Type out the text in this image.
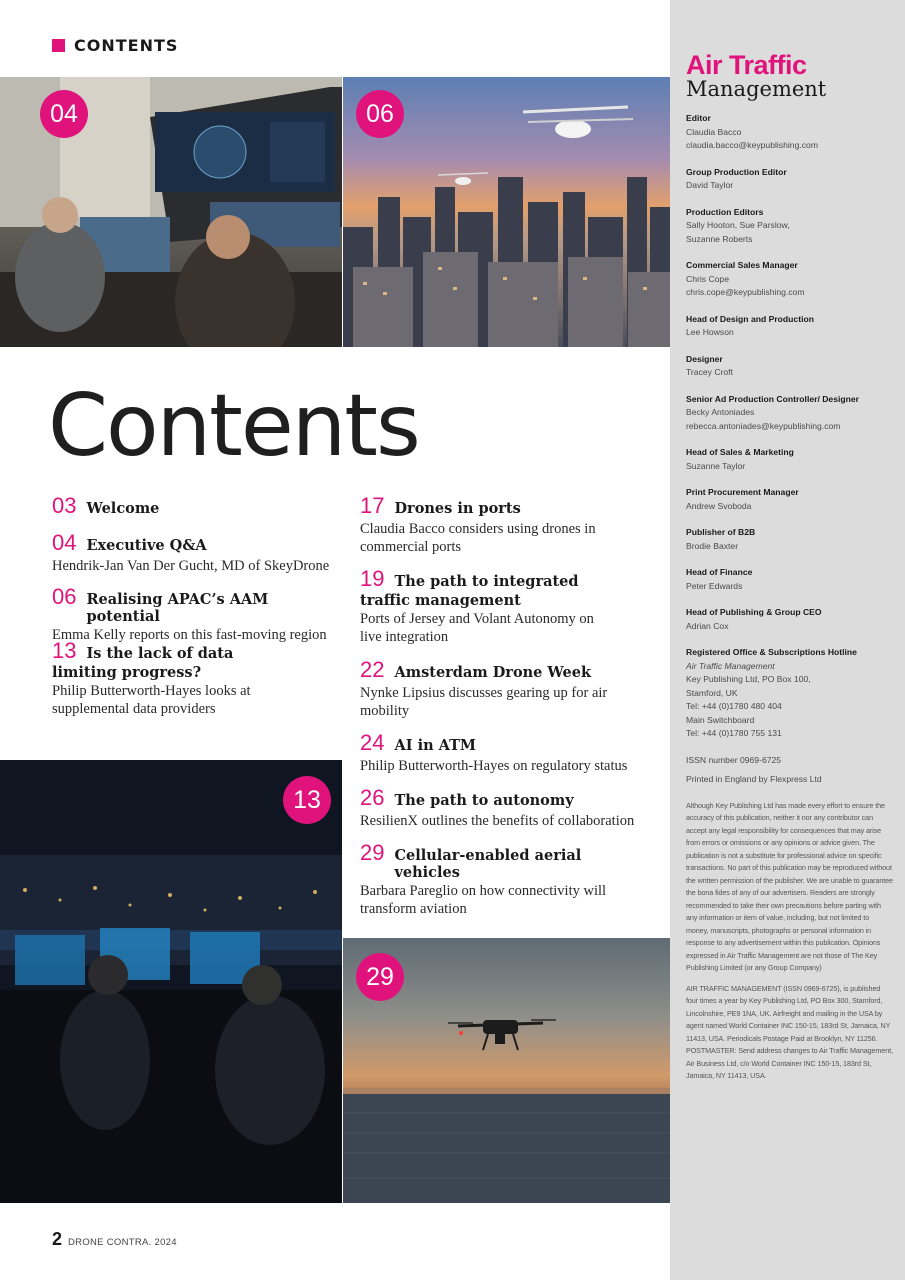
CONTENTS
04	06
Contents
03 Welcome
04 Executive Q&A
Hendrik-Jan Van Der Gucht, MD of SkeyDrone
06 Realising APAC’s AAM potential
Emma Kelly reports on this fast-moving region
13 Is the lack of data
limiting progress?
Philip Butterworth-Hayes looks at supplemental data providers
17 Drones in ports
Claudia Bacco considers using drones in commercial ports
19 The path to integrated
traffic management
Ports of Jersey and Volant Autonomy on live integration
22 Amsterdam Drone Week
Nynke Lipsius discusses gearing up for air mobility
24 AI in ATM
Philip Butterworth-Hayes on regulatory status
26 The path to autonomy
ResilienX outlines the benefits of collaboration
29 Cellular-enabled aerial vehicles
Barbara Pareglio on how connectivity will transform aviation
13
29
2 DRONE CONTRA. 2024
Air Traffic
Management
Editor
Claudia Bacco
claudia.bacco@keypublishing.com
Group Production Editor
David Taylor
Production Editors
Sally Hooton, Sue Parslow,
Suzanne Roberts
Commercial Sales Manager
Chris Cope
chris.cope@keypublishing.com
Head of Design and Production
Lee Howson
Designer
Tracey Croft
Senior Ad Production Controller/ Designer
Becky Antoniades
rebecca.antoniades@keypublishing.com
Head of Sales & Marketing
Suzanne Taylor
Print Procurement Manager
Andrew Svoboda
Publisher of B2B
Brodie Baxter
Head of Finance
Peter Edwards
Head of Publishing & Group CEO
Adrian Cox
Registered Office & Subscriptions Hotline
Air Traffic Management
Key Publishing Ltd, PO Box 100,
Stamford, UK
Tel: +44 (0)1780 480 404
Main Switchboard
Tel: +44 (0)1780 755 131
ISSN number 0969-6725
Printed in England by Flexpress Ltd
Although Key Publishing Ltd has made every effort to ensure the accuracy of this publication, neither it nor any contributor can accept any legal responsibility for consequences that may arise from errors or omissions or any opinions or advice given. The publication is not a substitute for professional advice on specific transactions. No part of this publication may be reproduced without the written permission of the publisher. We are unable to guarantee the bona fides of any of our advertisers. Readers are strongly recommended to take their own precautions before parting with any information or item of value, including, but not limited to money, manuscripts, photographs or personal information in response to any advertisement within this publication. Opinions expressed in Air Traffic Management are not those of The Key Publishing Limited (or any Group Company)
AIR TRAFFIC MANAGEMENT (ISSN 0969-6725), is published four times a year by Key Publishing Ltd, PO Box 300, Stamford, Lincolnshire, PE9 1NA, UK. Airfreight and mailing in the USA by agent named World Container INC 150-15, 183rd St, Jamaica, NY 11413, USA. Periodicals Postage Paid at Brooklyn, NY 11256. POSTMASTER: Send address changes to Air Traffic Management, Air Business Ltd, c/o World Container INC 150-15, 183rd St, Jamaica, NY 11413, USA.
